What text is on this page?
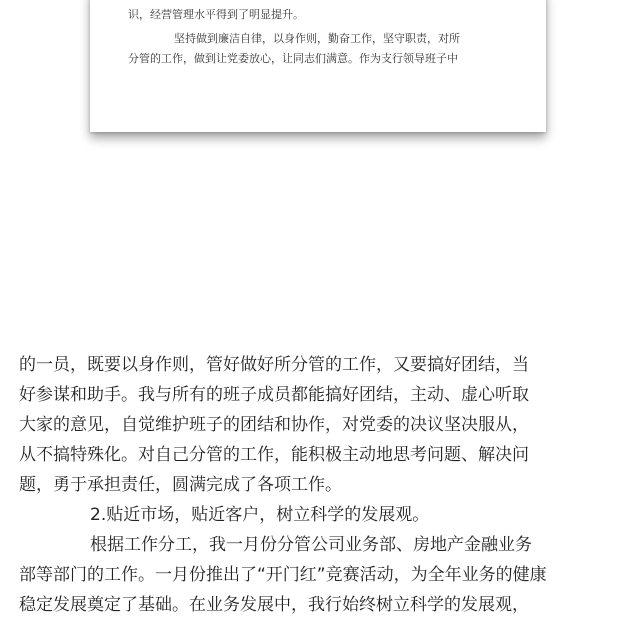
识，经营管理水平得到了明显提升。

坚持做到廉洁自律，以身作则，勤奋工作，坚守职责，对所

分管的工作，做到让党委放心，让同志们满意。作为支行领导班子中

的一员，既要以身作则，管好做好所分管的工作，又要搞好团结，当

好参谋和助手。我与所有的班子成员都能搞好团结，主动、虚心听取

大家的意见，自觉维护班子的团结和协作，对党委的决议坚决服从，

从不搞特殊化。对自己分管的工作，能积极主动地思考问题、解决问

题，勇于承担责任，圆满完成了各项工作。

2.贴近市场，贴近客户，树立科学的发展观。

根据工作分工，我一月份分管公司业务部、房地产金融业务

部等部门的工作。一月份推出了“开门红”竞赛活动，为全年业务的健康

稳定发展奠定了基础。在业务发展中，我行始终树立科学的发展观，
